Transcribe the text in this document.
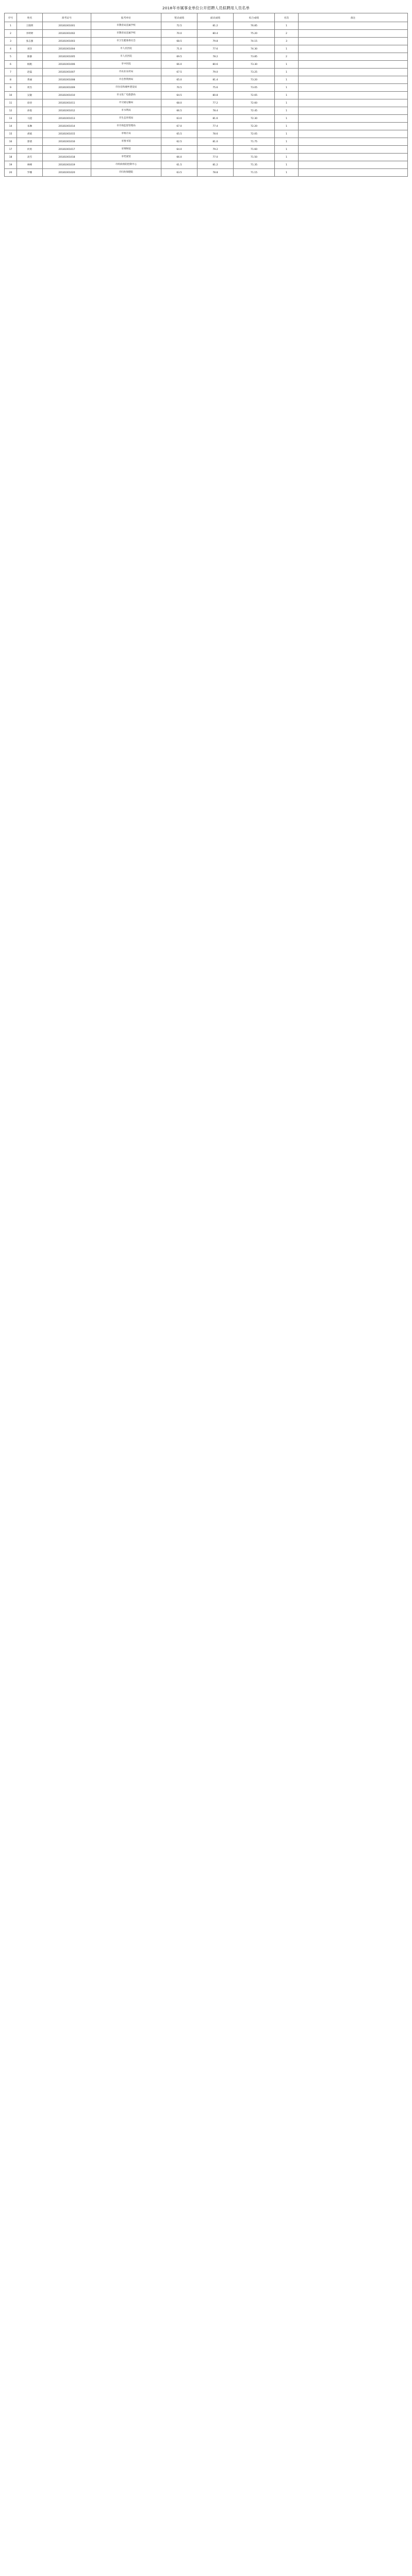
2018年市属事业单位公开招聘人员拟聘用人员名单
序号	姓名	准考证号	报考单位	笔试成绩	面试成绩	综合成绩	名次	备注
1	王晓明	20181001001	市教育局直属学校	72.5	81.2	76.85	1	
2	李婷婷	20181001002	市教育局直属学校	70.0	80.4	75.20	2	
3	张志强	20181001003	市卫生健康委员会	68.5	79.8	74.15	3	
4	刘洋	20181001004	市人民医院	71.0	77.6	74.30	1	
5	陈静	20181001005	市人民医院	69.5	78.2	73.85	2	
6	杨帆	20181001006	市中医院	66.0	80.6	73.30	1	
7	赵磊	20181001007	市农业农村局	67.5	79.0	73.25	1	
8	黄丽	20181001008	市自然资源局	65.0	81.4	73.20	1	
9	周杰	20181001009	市住房和城乡建设局	70.5	75.6	73.05	1	
10	吴敏	20181001010	市文化广电旅游局	64.5	80.8	72.65	1	
11	徐涛	20181001011	市交通运输局	68.0	77.2	72.60	1	
12	孙悦	20181001012	市水利局	66.5	78.4	72.45	1	
13	马超	20181001013	市生态环境局	63.0	81.6	72.30	1	
14	朱琳	20181001014	市市场监督管理局	67.0	77.4	72.20	1	
15	胡斌	20181001015	市统计局	65.5	78.6	72.05	1	
16	郭倩	20181001016	市图书馆	62.5	81.0	71.75	1	
17	何勇	20181001017	市博物馆	64.0	79.2	71.60	1	
18	高雪	20181001018	市档案馆	66.0	77.0	71.50	1	
19	林峰	20181001019	市疾病预防控制中心	61.5	81.2	71.35	1	
20	罗娜	20181001020	市妇幼保健院	63.5	78.8	71.15	1	
